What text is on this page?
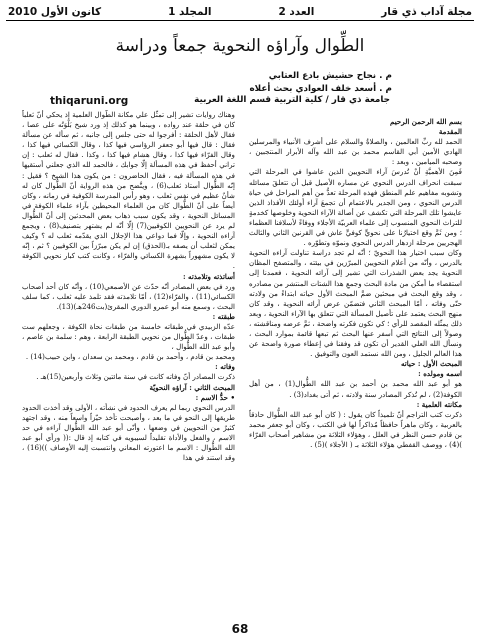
كانون الأول 2010	المجلد 1	العدد 2	مجلة آداب ذي قار
الطِّوال وآراؤه النحوية جمعاً ودراسة
م . نجاح حشيش بادع العتابي
م . أسعد خلف العوادي بحث أعلاه
جامعة ذي قار / كلية التربية قسم اللغة العربية
thiqaruni.org

بسم الله الرحمن الرحيم

المقدمة

الحمد لله ربِّ العالمين ، والصلاةُ والسلام على أشرف الأنبياء والمرسلين الهادي الأمين أبي القاسم محمد بن عبد الله وآله الأبرار المنتجبين ، وصحبه الميامين ، وبعد :

فَمِنَ الأهميَّةِ أنْ تُدرسَ آراء النحويين الذين عاشوا في المرحلة التي سبقت انحراف الدرس النحوي عن مساره الأصيل قبل أن تتعلقَ مسائله وتشوبه مفاهيم علم المنطق فهذه المرحلة تعدُّ من أهم المراحل في حياة الدرس النحوي ، ومن الجدير بالاعتمام أن تجمعَ آراء أولئك الأفذاذ الذين عايشوا تلك المرحلة التي تكشف عن أصالة الآراء النحوية وخلوصها كخدمةٍ للتراث النحوي المنسوب إلى علماء العربيّة الأجلاء ووفاءً لأسلافنا العظماء ؛ ومن ثَمَّ وقع اختيارُنا على نحويٍّ كوفيٍّ عاش في القرنين الثاني والثالث الهجريين مرحلة ازدهار الدرس النحوي ونموّه وتطوّره .

وكان سبب اختيار هذا النحويّ ؛ أنّه لم تجد دراسة تناولت آراءه النحوية بالدرس ، وأنّه من أعلام النحويين المبرّزين في بيئته ، والمتصفح المظان النحوية يجد بعض الشذرات التي تشير إلى آرائه النحوية ، فعمدنا إلى استقصاء ما أمكن من مادة البحث وجمعِ هذا الشتات المنتشر من مصادره ، وقد وقع البحث في مبحثين ضمَّ المبحث الأول حياته ابتداءً من ولادته حتّى وفاته ، أمّا المبحث الثاني فتضمّن عرض آرائه النحوية ، وقد كان منهج البحث يعتمد على تأصيل المسألة التي تتعلق بها الآراء النحوية ، وبعد ذلك يمثّله المقصد للرأي ؛ كي تكون فكرته واضحة ، ثمَّ عرضه ومناقشته ، وصولاً إلى النتائج التي أسفر عنها البحث ثم تبعها قائمة بموارد البحث ، ونسأل الله العلي القدير أن تكون قد وفقنا في إعطاء صورة واضحة عن هذا العالم الجليل ، ومن الله نستمد العون والتوفيق .

المبحث الأول : حياته

اسمه ومولده :

هو أبو عبد الله محمد بن أحمد بن عبد الله الطُّوال(1) ، من أهل الكوفة(2) ، لم تُذكر المصادر سنة ولادته ، ثم أتى بغداد(3) .

مكانته العلمية :

ذكرت كتب التراجم أنّ تلميذاً كان يقول : ( كان أبو عبد الله الطُّوال حاذقاً بالعربية ، وكان ماهراً حافظاً مُذاكراً لها في الكتب ، وكان أبو جعفر محمد بن قادم حسن النظر في العلل ، وهؤلاء الثلاثة من مشاهير أصحاب الفرّاء )(4) ، ووصف القفطي هؤلاء الثلاثة بـ ( الأجلاء )(5) .

وهناك روايات تشير إلى تمثّل علي مكانة الطُّوال العلمية إذ يحكي أنّ ثعلباً كان في حلقة عند رواده ، وبينما هو كذلك إذ ورد شيخ بَلْوَتُه على عصا ، فقال لأهل الحلقة : أفرجوا له حتى جلس إلى جانبه ، ثم سأله عن مسألة فقال : قال فيها أبو جعفر الرؤاسي فيها كذا ، وقال الكسائي فيها كذا ، وقال الفرّاء فيها كذا ، وقال هشام فيها كذا ، وكذا . فقال له ثعلب : إن تراني أحفظ في هذه المسألة إلّا جوابك ، فالحمد لله الذي جعلني أستقيها في هذه المسألة فيه ، فقال الحاضرون : من يكون هذا الشيخ ؟ فقيل : إنّه الطُّوال أستاذ ثعلب(6) ، ويتَّضح من هذه الرواية أنّ الطُّوال كان له شأنٌ عظيم في نفس ثعلب ، وهو رأس المدرسة الكوفية في زمانه ، وكان أيضاً على أنّ الطُّوال كان من العلماء المحيطين بآراء علماء الكوفة في المسائل النحوية ، وقد يكون سبب ذهاب بعض المحدثين إلى أنّ الطُّوال لم يرد عن النحويين الكوفيين(7) إلّا أنّه لم يشتهر بتصنيف(8) ، ويجمع آراءه النحوية ، وإلّا فما دواعي هذا الإجلال الذي يقدّمه ثعلب له ؟ وكيف يمكن لثعلب أن يصفه بـ(الحذق) إن لم يكن مبرّزاً بين الكوفيين ؟ ثم ، إنّه لا يكون مشهوراً بشهرة الكسائي والفرّاء ، وكانت كتب كبار نحويي الكوفة .

أساتذته وتلامذته :

ورد في بعض المصادر أنّه حدّث عن الأصمعي(10) ، وأنّه كان أحد أصحاب الكسائي(11) ، والفرّاء(12) ، أمّا تلامذته فقد تلمذ عليه ثعلب ، كما سلف البحث ، وسمع منه أبو عمرو الدوري المقرئ(بت246هـ)(13).

طبقته :

عدّه الزبيدي في طبقاته خامسة من طبقات نحاة الكوفة ، وجعلهم ست طبقات ، وعدّ الطُّوال من نحويي الطبقة الرابعة ، وهم : سلمة بن عاصم ، وأبو عبد الله الطُّوال ،

ومحمد بن قادم ، وأحمد بن قادم ، ومحمد بن سعدان ، وابن حبيب(14) .

وفاته :

ذكرت المصادر أنّ وفاته كانت في سنة مائتين وثلاث وأربعين(15)هـ .

المبحث الثاني : آراؤه النحويّة

• حدُّ الاسم :

الدرس النحوي ربما لم يعرف الحدود في نشأته ، الأولى وقد أخذت الحدود طريقها إلى النحو في ما بعد ، وأصبحت تأخذ حيّزاً واسعاً منه ، وقد اجتهد كثيرٌ من النحويين في وضعها ، وأنّى أبو عبد الله الطُّوال آراءه في حد الاسم ، والفعل والأداة تقليداً لسيبويه في كتابه إذ قال :(( ورأي أبو عبد الله الطُّوال : الاسم ما اعتورته المعاني وانتسبت إليه الأوصاف ))(16) ، وقد استند في هذا

68
